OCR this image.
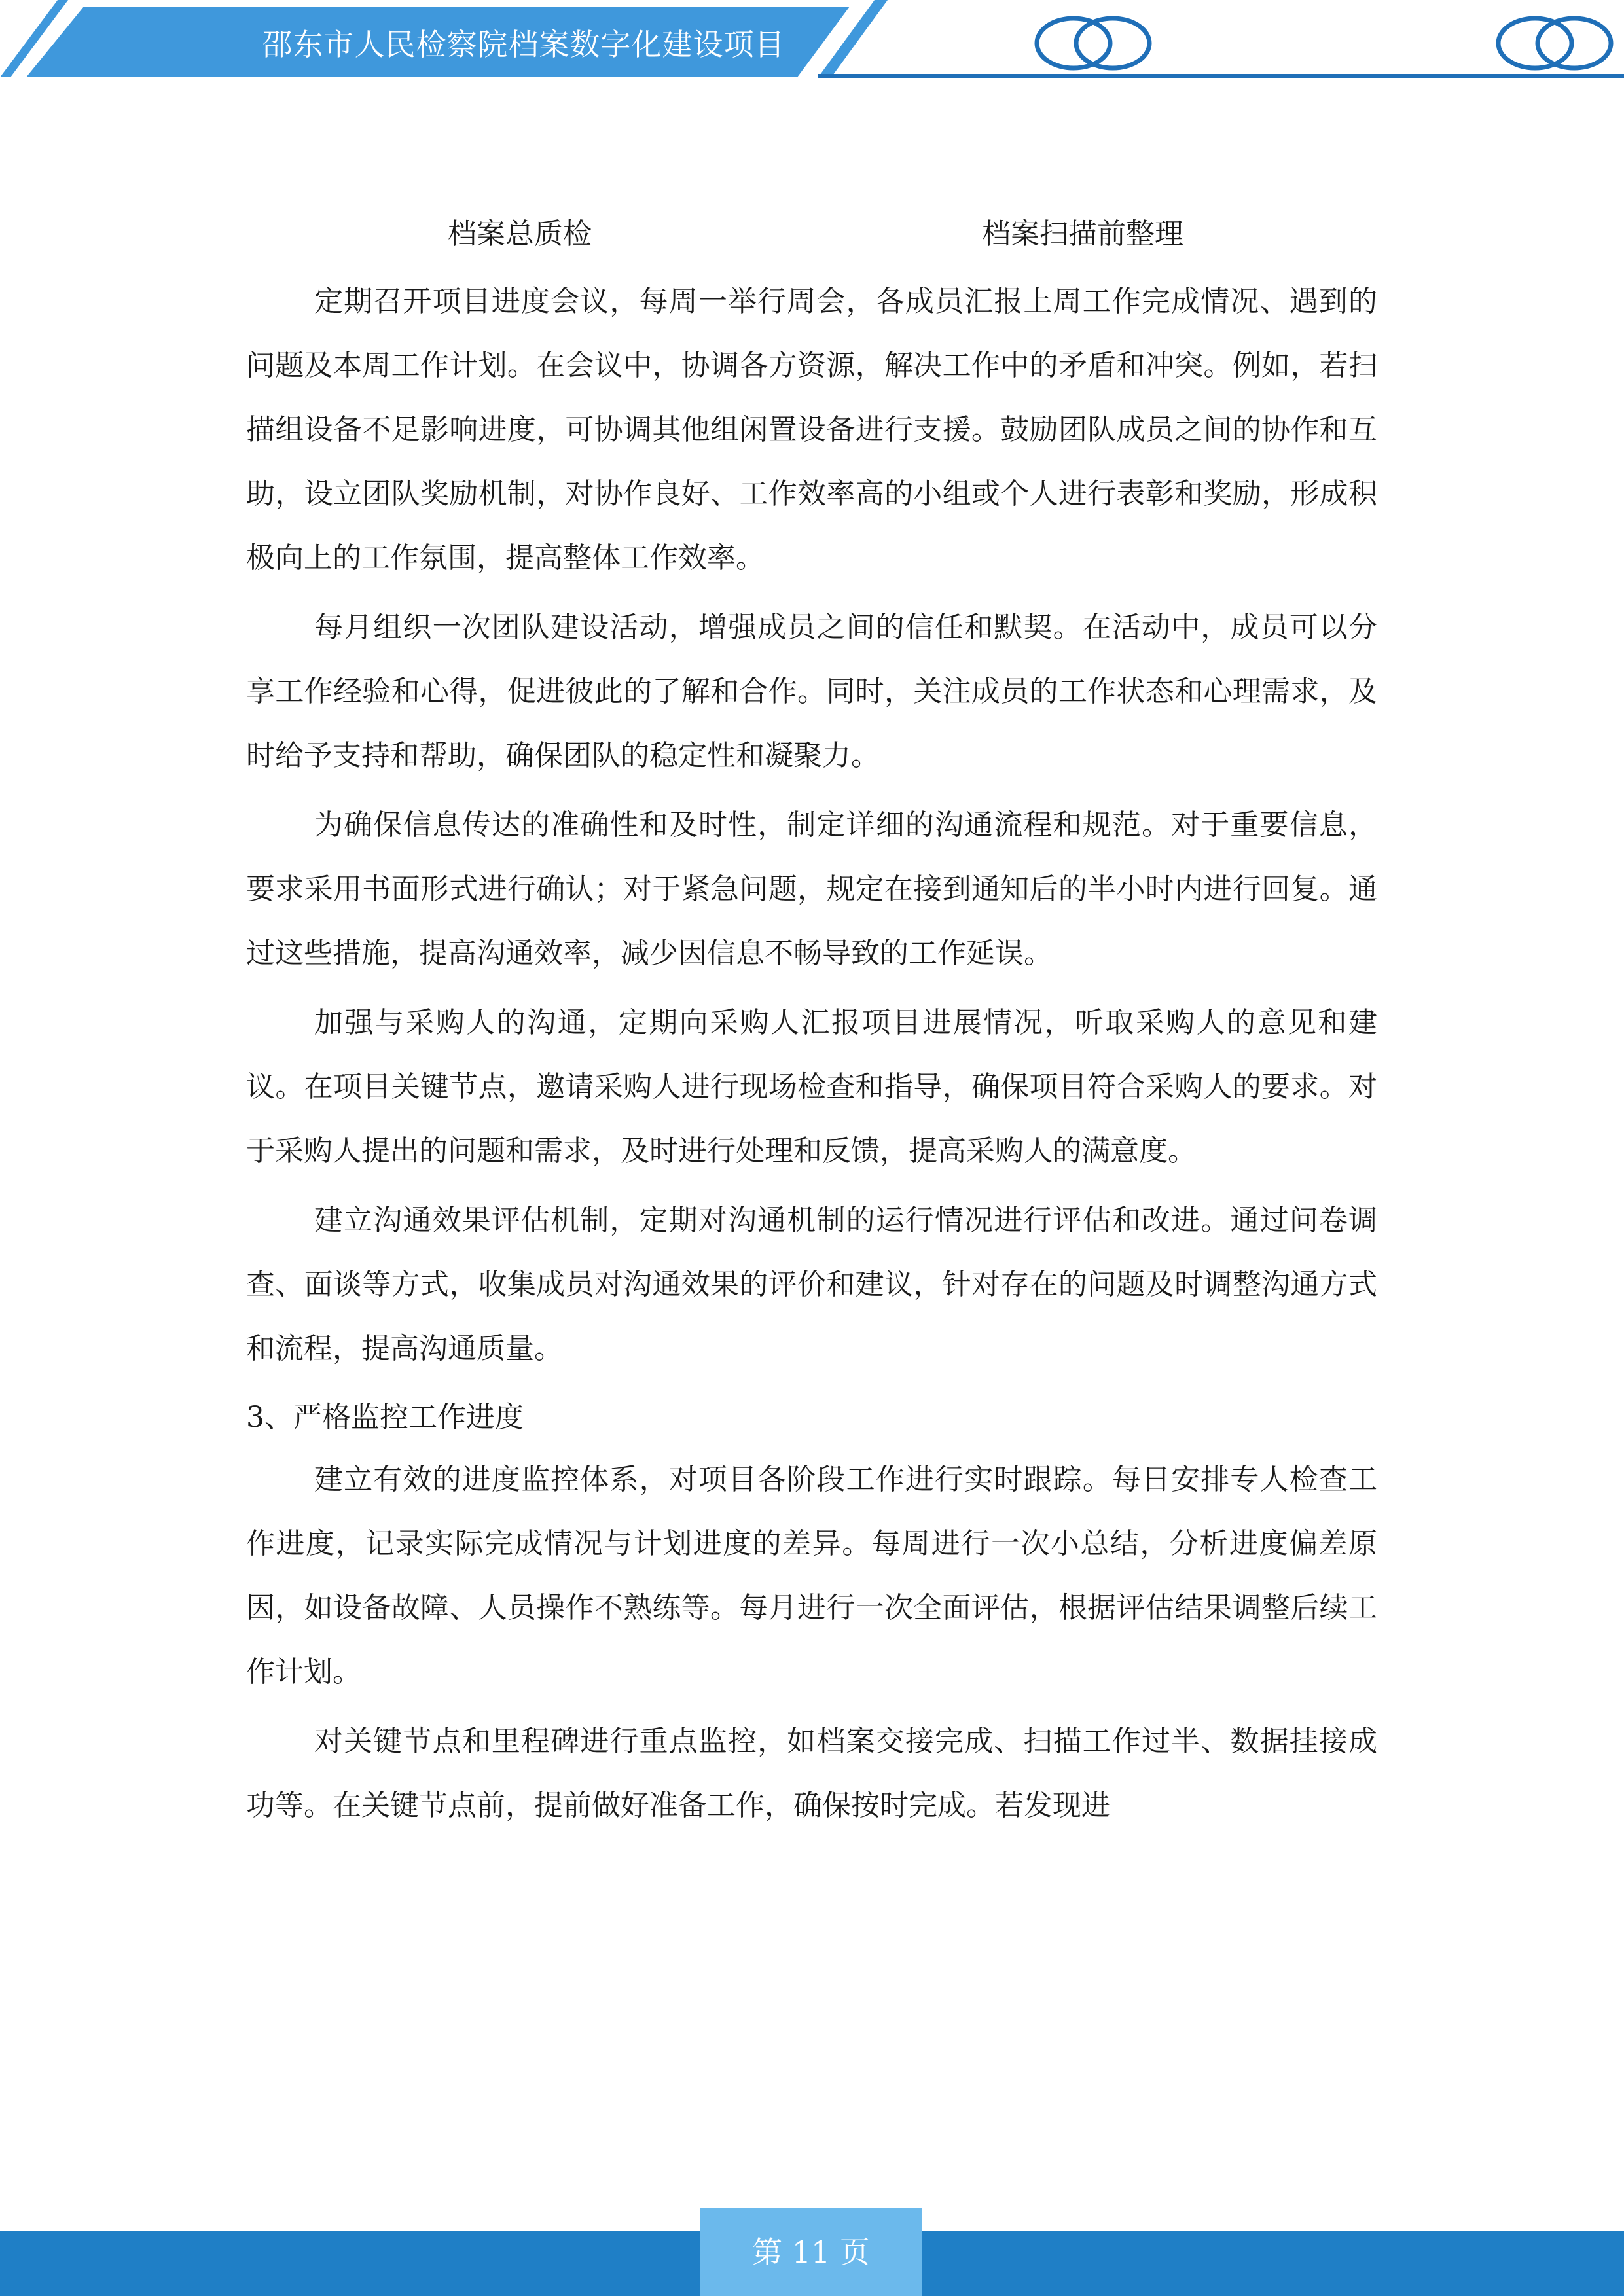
邵东市人民检察院档案数字化建设项目
档案总质检	档案扫描前整理

定期召开项目进度会议，每周一举行周会，各成员汇报上周工作完成情况、遇到的问题及本周工作计划。在会议中，协调各方资源，解决工作中的矛盾和冲突。例如，若扫描组设备不足影响进度，可协调其他组闲置设备进行支援。鼓励团队成员之间的协作和互助，设立团队奖励机制，对协作良好、工作效率高的小组或个人进行表彰和奖励，形成积极向上的工作氛围，提高整体工作效率。

每月组织一次团队建设活动，增强成员之间的信任和默契。在活动中，成员可以分享工作经验和心得，促进彼此的了解和合作。同时，关注成员的工作状态和心理需求，及时给予支持和帮助，确保团队的稳定性和凝聚力。

为确保信息传达的准确性和及时性，制定详细的沟通流程和规范。对于重要信息，要求采用书面形式进行确认；对于紧急问题，规定在接到通知后的半小时内进行回复。通过这些措施，提高沟通效率，减少因信息不畅导致的工作延误。

加强与采购人的沟通，定期向采购人汇报项目进展情况，听取采购人的意见和建议。在项目关键节点，邀请采购人进行现场检查和指导，确保项目符合采购人的要求。对于采购人提出的问题和需求，及时进行处理和反馈，提高采购人的满意度。

建立沟通效果评估机制，定期对沟通机制的运行情况进行评估和改进。通过问卷调查、面谈等方式，收集成员对沟通效果的评价和建议，针对存在的问题及时调整沟通方式和流程，提高沟通质量。

3、严格监控工作进度

建立有效的进度监控体系，对项目各阶段工作进行实时跟踪。每日安排专人检查工作进度，记录实际完成情况与计划进度的差异。每周进行一次小总结，分析进度偏差原因，如设备故障、人员操作不熟练等。每月进行一次全面评估，根据评估结果调整后续工作计划。

对关键节点和里程碑进行重点监控，如档案交接完成、扫描工作过半、数据挂接成功等。在关键节点前，提前做好准备工作，确保按时完成。若发现进

第 11 页
